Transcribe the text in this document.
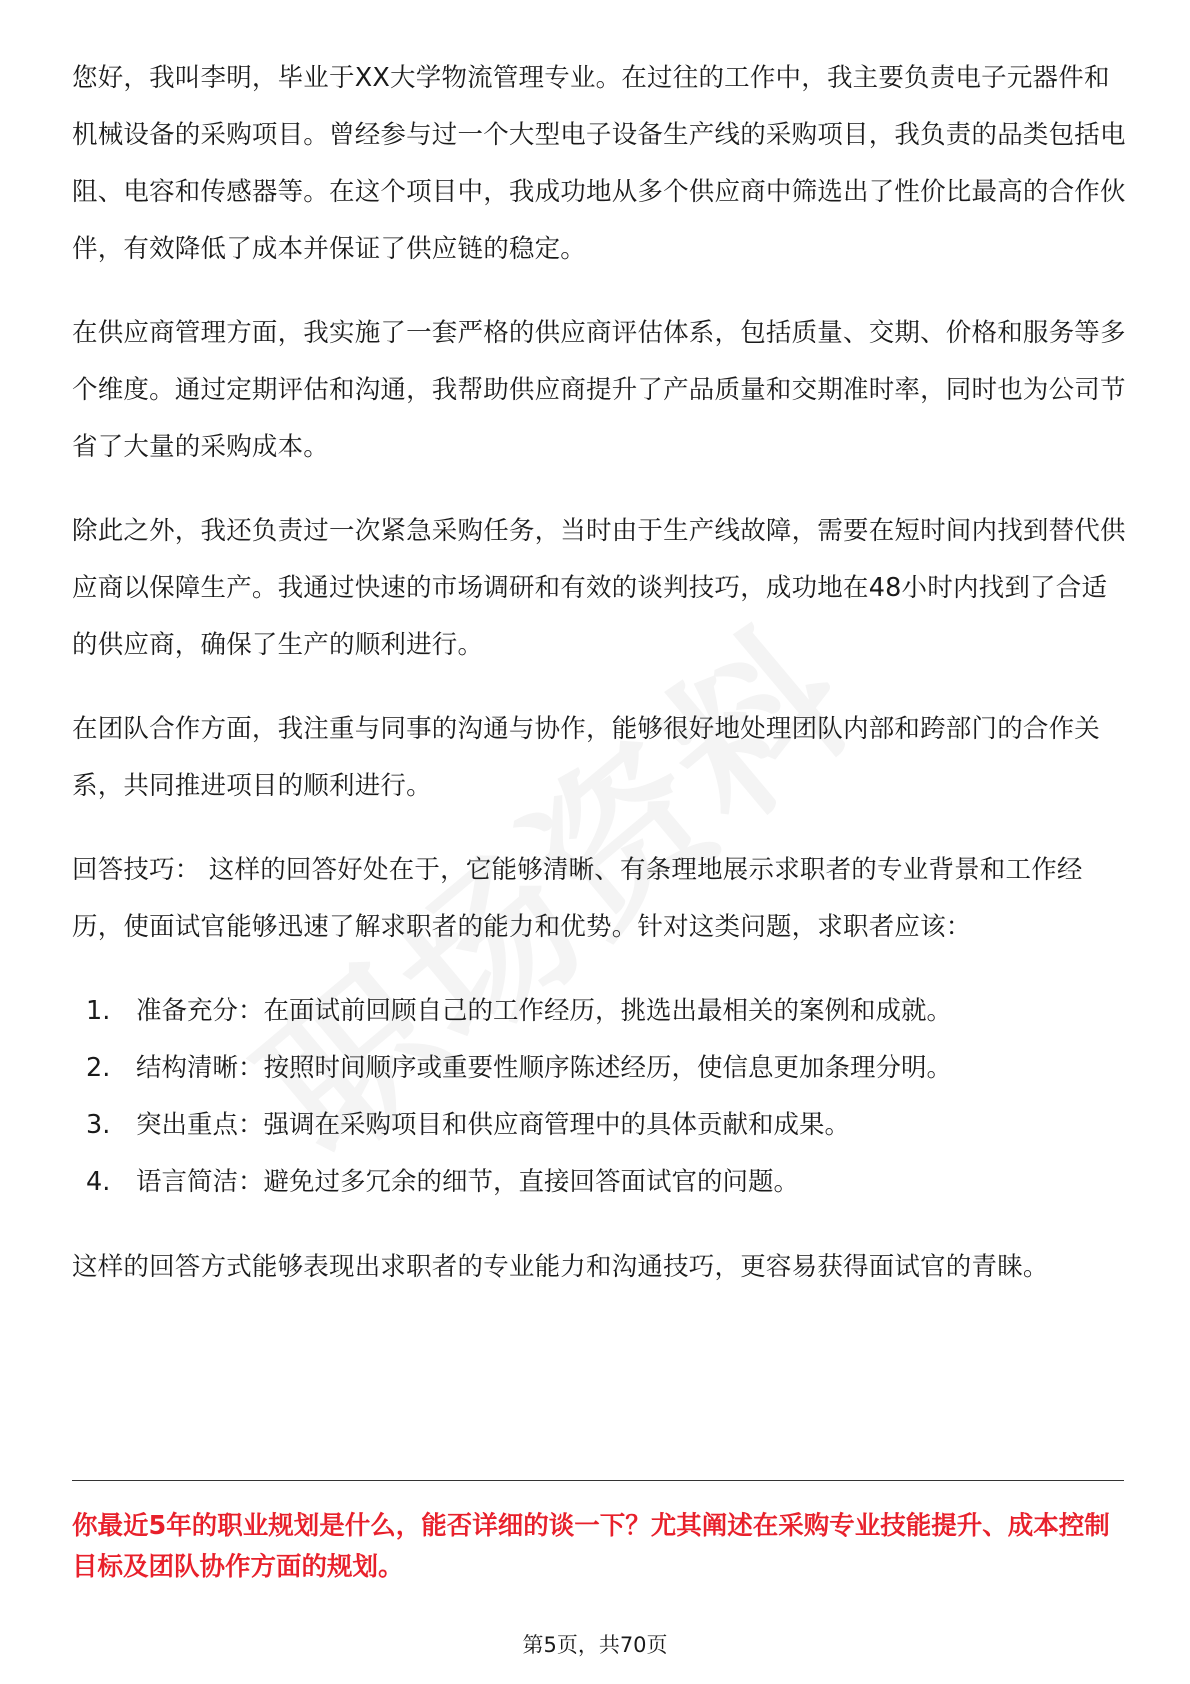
您好，我叫李明，毕业于XX大学物流管理专业。在过往的工作中，我主要负责电子元器件和机械设备的采购项目。曾经参与过一个大型电子设备生产线的采购项目，我负责的品类包括电阻、电容和传感器等。在这个项目中，我成功地从多个供应商中筛选出了性价比最高的合作伙伴，有效降低了成本并保证了供应链的稳定。

在供应商管理方面，我实施了一套严格的供应商评估体系，包括质量、交期、价格和服务等多个维度。通过定期评估和沟通，我帮助供应商提升了产品质量和交期准时率，同时也为公司节省了大量的采购成本。

除此之外，我还负责过一次紧急采购任务，当时由于生产线故障，需要在短时间内找到替代供应商以保障生产。我通过快速的市场调研和有效的谈判技巧，成功地在48小时内找到了合适的供应商，确保了生产的顺利进行。

在团队合作方面，我注重与同事的沟通与协作，能够很好地处理团队内部和跨部门的合作关系，共同推进项目的顺利进行。

回答技巧： 这样的回答好处在于，它能够清晰、有条理地展示求职者的专业背景和工作经历，使面试官能够迅速了解求职者的能力和优势。针对这类问题，求职者应该：

1.	准备充分：在面试前回顾自己的工作经历，挑选出最相关的案例和成就。
2.	结构清晰：按照时间顺序或重要性顺序陈述经历，使信息更加条理分明。
3.	突出重点：强调在采购项目和供应商管理中的具体贡献和成果。
4.	语言简洁：避免过多冗余的细节，直接回答面试官的问题。

这样的回答方式能够表现出求职者的专业能力和沟通技巧，更容易获得面试官的青睐。

你最近5年的职业规划是什么，能否详细的谈一下？尤其阐述在采购专业技能提升、成本控制目标及团队协作方面的规划。
第5页，共70页
